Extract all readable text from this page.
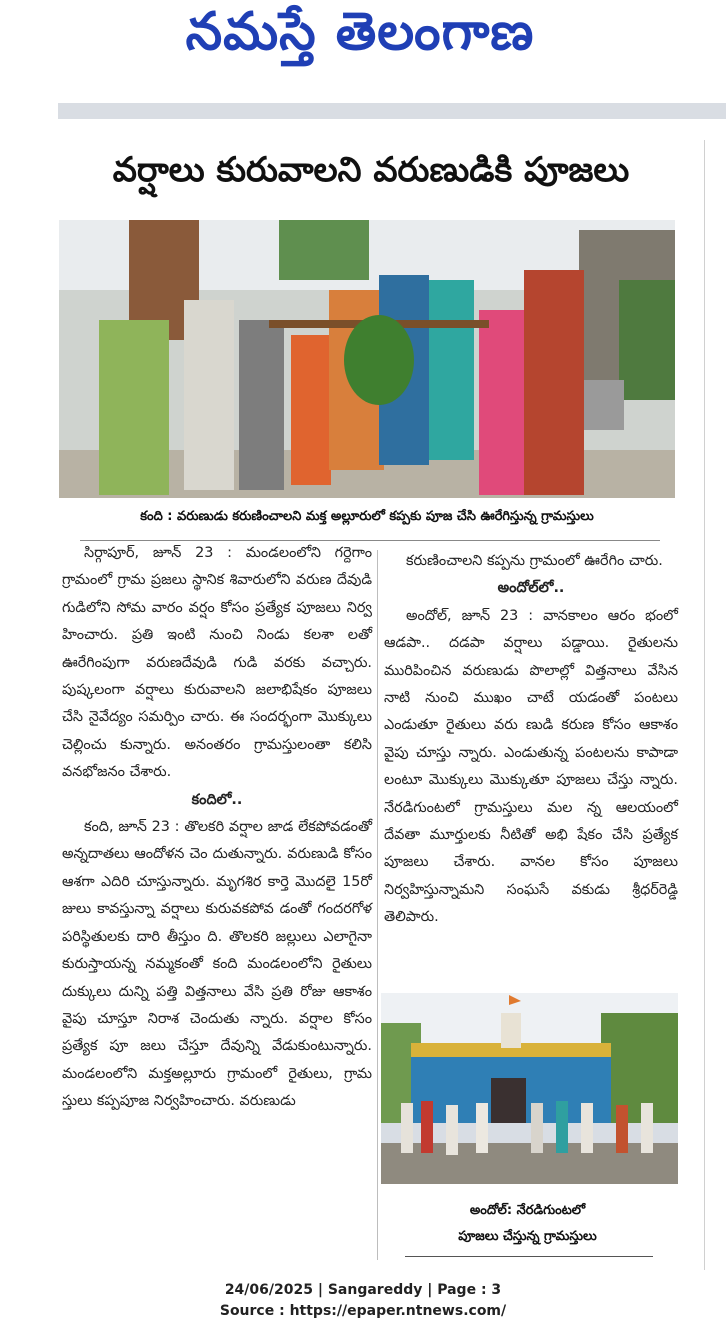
నమస్తే తెలంగాణ
వర్షాలు కురువాలని వరుణుడికి పూజలు
కంది : వరుణుడు కరుణించాలని మక్త అల్లూరులో కప్పకు పూజ చేసి ఊరేగిస్తున్న గ్రామస్తులు

సిర్గాపూర్, జూన్ 23 : మండలంలోని గర్దెగాం గ్రామంలో గ్రామ ప్రజలు స్థానిక శివారులోని వరుణ దేవుడి గుడిలోని సోమ వారం వర్షం కోసం ప్రత్యేక పూజలు నిర్వ హించారు. ప్రతి ఇంటి నుంచి నిండు కలశా లతో ఊరేగింపుగా వరుణదేవుడి గుడి వరకు వచ్చారు. పుష్కలంగా వర్షాలు కురువాలని జలాభిషేకం పూజలు చేసి నైవేద్యం సమర్పిం చారు. ఈ సందర్భంగా మొక్కులు చెల్లించు కున్నారు. అనంతరం గ్రామస్తులంతా కలిసి వనభోజనం చేశారు.

కందిలో..

కంది, జూన్ 23 : తొలకరి వర్షాల జాడ లేకపోవడంతో అన్నదాతలు ఆందోళన చెం దుతున్నారు. వరుణుడి కోసం ఆశగా ఎదిరి చూస్తున్నారు. మృగశిర కార్తె మొదలై 15రో జులు కావస్తున్నా వర్షాలు కురువకపోవ డంతో గందరగోళ పరిస్థితులకు దారి తీస్తుం ది. తొలకరి జల్లులు ఎలాగైనా కురుస్తాయన్న నమ్మకంతో కంది మండలంలోని రైతులు దుక్కులు దున్ని పత్తి విత్తనాలు వేసి ప్రతి రోజు ఆకాశం వైపు చూస్తూ నిరాశ చెందుతు న్నారు. వర్షాల కోసం ప్రత్యేక పూ జలు చేస్తూ దేవున్ని వేడుకుంటున్నారు. మండలంలోని మక్తఅల్లూరు గ్రామంలో రైతులు, గ్రామ స్తులు కప్పపూజ నిర్వహించారు. వరుణుడు

కరుణించాలని కప్పను గ్రామంలో ఊరేగిం చారు.

అందోల్‌లో..

అందోల్, జూన్ 23 : వానకాలం ఆరం భంలో ఆడపా.. దడపా వర్షాలు పడ్డాయి. రైతులను మురిపించిన వరుణుడు పొలాల్లో విత్తనాలు వేసిన నాటి నుంచి ముఖం చాటే యడంతో పంటలు ఎండుతూ రైతులు వరు ణుడి కరుణ కోసం ఆకాశం వైపు చూస్తు న్నారు. ఎండుతున్న పంటలను కాపాడా లంటూ మొక్కులు మొక్కుతూ పూజలు చేస్తు న్నారు. నేరడిగుంటలో గ్రామస్తులు మల న్న ఆలయంలో దేవతా మూర్తులకు నీటితో అభి షేకం చేసి ప్రత్యేక పూజలు చేశారు. వానల కోసం పూజలు నిర్వహిస్తున్నామని సంఘసే వకుడు శ్రీధర్‌రెడ్డి తెలిపారు.

అందోల్: నేరడిగుంటలో
పూజలు చేస్తున్న గ్రామస్తులు
24/06/2025 | Sangareddy | Page : 3
Source : https://epaper.ntnews.com/
